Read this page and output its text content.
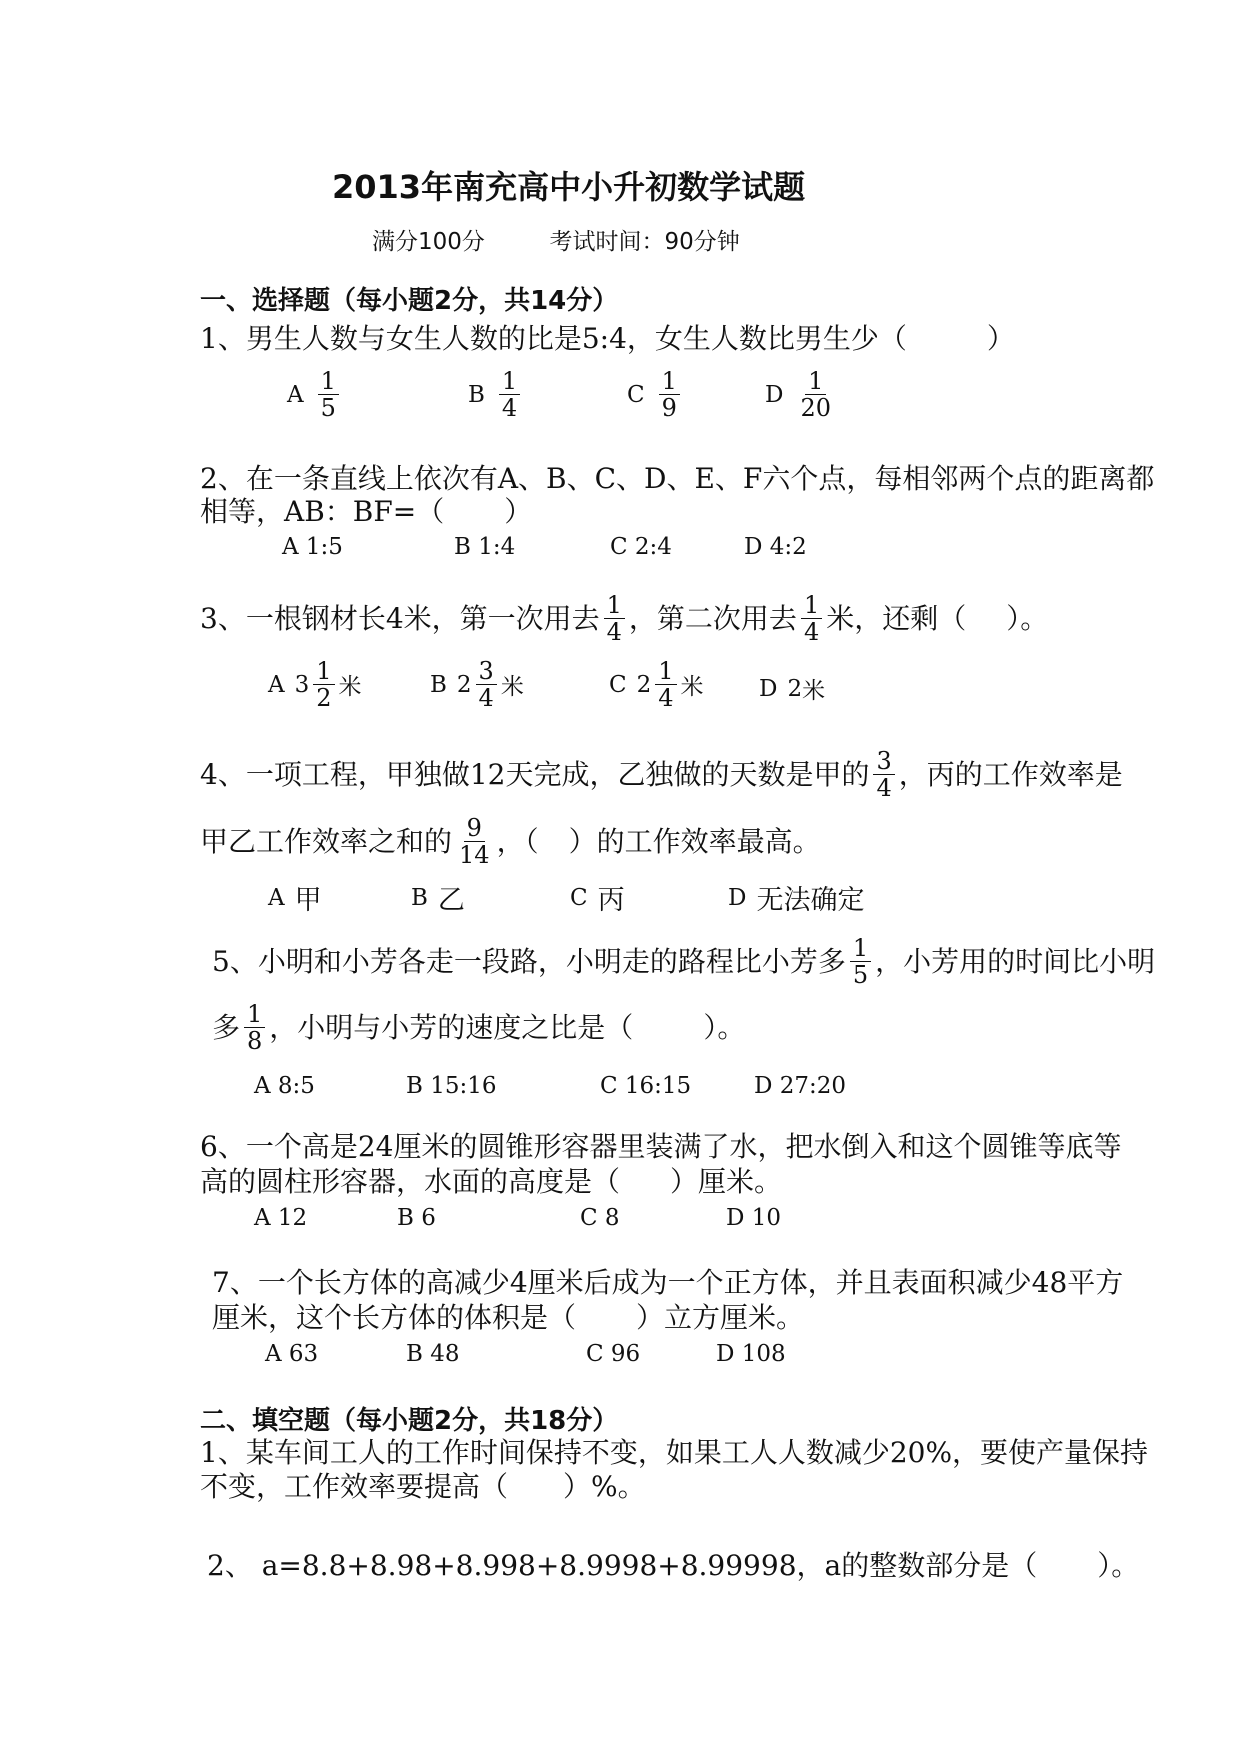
2013年南充高中小升初数学试题
满分100分	考试时间：90分钟
一、选择题（每小题2分，共14分）
1、男生人数与女生人数的比是5:4，女生人数比男生少（	）
A $\frac{1}{5}$	B $\frac{1}{4}$	C $\frac{1}{9}$	D $\frac{1}{20}$
2、在一条直线上依次有A、B、C、D、E、F六个点，每相邻两个点的距离都
相等，AB：BF=（ ）
A 1:5	B 1:4	C 2:4	D 4:2
3、一根钢材长4米，第一次用去 $\frac{1}{4}$ ，第二次用去 $\frac{1}{4}$ 米，还剩（ ）。
A $3 \frac{1}{2}$ 米	B $2 \frac{3}{4}$ 米	C $2 \frac{1}{4}$ 米 D 2 米
4、一项工程，甲独做12天完成，乙独做的天数是甲的 $\frac{3}{4}$ ，丙的工作效率是
甲乙工作效率之和的 $\frac{9}{14}$ ，（ ）的工作效率最高。
A 甲	B 乙	C 丙	D 无法确定
5、小明和小芳各走一段路，小明走的路程比小芳多 $\frac{1}{5}$ ，小芳用的时间比小明
多 $\frac{1}{8}$ ，小明与小芳的速度之比是（	）。
A 8:5	B 15:16	C 16:15	D 27:20
6、一个高是24厘米的圆锥形容器里装满了水，把水倒入和这个圆锥等底等
高的圆柱形容器，水面的高度是（ ）厘米。
A 12	B 6	C 8	D 10
7、一个长方体的高减少4厘米后成为一个正方体，并且表面积减少48平方
厘米，这个长方体的体积是（ ）立方厘米。
A 63	B 48	C 96	D 108
二、填空题（每小题2分，共18分）
1、某车间工人的工作时间保持不变，如果工人人数减少20%，要使产量保持
不变，工作效率要提高（ ）%。
2、 a=8.8+8.98+8.998+8.9998+8.99998，a的整数部分是（ ）。
